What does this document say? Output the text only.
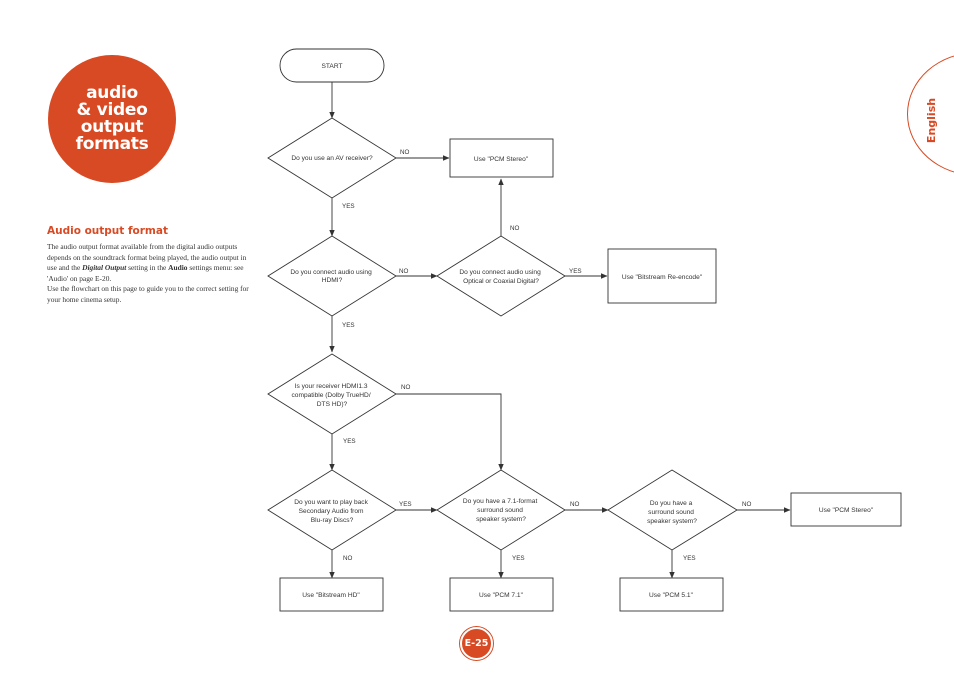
audio
& video
output
formats
Audio output format

The audio output format available from the digital audio outputs depends on the soundtrack format being played, the audio output in use and the Digital Output setting in the Audio settings menu: see 'Audio' on page E-20.

Use the flowchart on this page to guide you to the correct setting for your home cinema setup.

English
START
Do you use an AV receiver?
Do you connect audio using HDMI?
Do you connect audio using Optical or Coaxial Digital?
Is your receiver HDMI1.3 compatible (Dolby TrueHD/ DTS HD)?
Do you want to play back Secondary Audio from Blu-ray Discs?
Do you have a 7.1-format surround sound speaker system?
Do you have a surround sound speaker system?
Use "PCM Stereo"
Use "Bitstream Re-encode"
Use "Bitstream HD"	Use "PCM 7.1"	Use "PCM 5.1"
Use "PCM Stereo"
NO
YES
NO
NO	YES
YES
NO
YES
YES	NO	NO
NO	YES	YES
E-25
